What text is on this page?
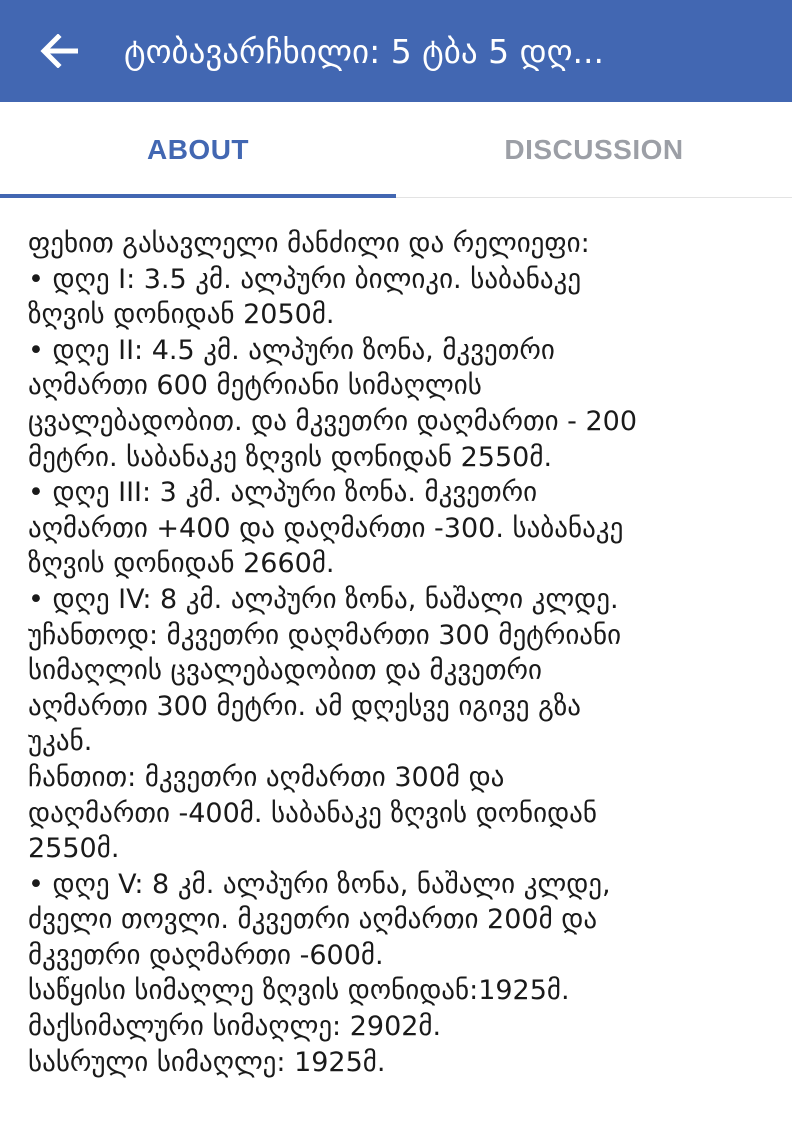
ტობავარჩხილი: 5 ტბა 5 დღ...
ABOUT	DISCUSSION
ფეხით გასავლელი მანძილი და რელიეფი:
• დღე I: 3.5 კმ. ალპური ბილიკი. საბანაკე
ზღვის დონიდან 2050მ.
• დღე II: 4.5 კმ. ალპური ზონა, მკვეთრი
აღმართი 600 მეტრიანი სიმაღლის
ცვალებადობით. და მკვეთრი დაღმართი - 200
მეტრი. საბანაკე ზღვის დონიდან 2550მ.
• დღე III: 3 კმ. ალპური ზონა. მკვეთრი
აღმართი +400 და დაღმართი -300. საბანაკე
ზღვის დონიდან 2660მ.
• დღე IV: 8 კმ. ალპური ზონა, ნაშალი კლდე.
უჩანთოდ: მკვეთრი დაღმართი 300 მეტრიანი
სიმაღლის ცვალებადობით და მკვეთრი
აღმართი 300 მეტრი. ამ დღესვე იგივე გზა
უკან.
ჩანთით: მკვეთრი აღმართი 300მ და
დაღმართი -400მ. საბანაკე ზღვის დონიდან
2550მ.
• დღე V: 8 კმ. ალპური ზონა, ნაშალი კლდე,
ძველი თოვლი. მკვეთრი აღმართი 200მ და
მკვეთრი დაღმართი -600მ.
საწყისი სიმაღლე ზღვის დონიდან:1925მ.
მაქსიმალური სიმაღლე: 2902მ.
სასრული სიმაღლე: 1925მ.
